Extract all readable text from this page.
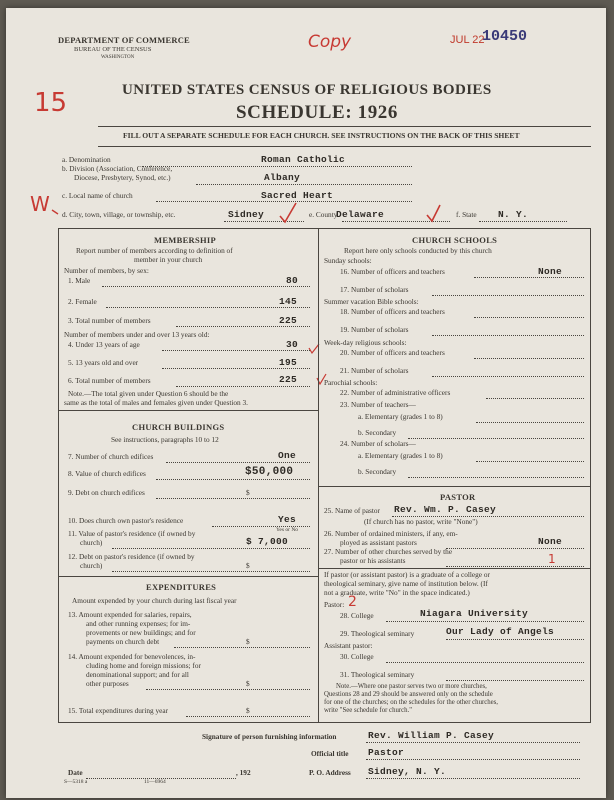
DEPARTMENT OF COMMERCE
BUREAU OF THE CENSUS
WASHINGTON
Copy	JUL 22
10450
15	UNITED STATES CENSUS OF RELIGIOUS BODIES
SCHEDULE: 1926
FILL OUT A SEPARATE SCHEDULE FOR EACH CHURCH. SEE INSTRUCTIONS ON THE BACK OF THIS SHEET
a. Denomination	Roman Catholic
b. Division (Association, Conference,
Diocese, Presbytery, Synod, etc.)	Albany
c. Local name of church	Sacred Heart
W d. City, town, village, or township, etc.	Sidney	e. County
Delaware	f. State N. Y.
MEMBERSHIP
Report number of members according to definition of
member in your church
Number of members, by sex:
1. Male	80
2. Female	145
3. Total number of members	225
Number of members under and over 13 years old:
4. Under 13 years of age	30
5. 13 years old and over	195
6. Total number of members	225
Note.—The total given under Question 6 should be the
same as the total of males and females given under Question 3.
CHURCH BUILDINGS
See instructions, paragraphs 10 to 12
7. Number of church edifices	One
8. Value of church edifices	$50,000
9. Debt on church edifices	$
10. Does church own pastor's residence	Yes
Yes or No
11. Value of pastor's residence (if owned by
church)	$ 7,000
12. Debt on pastor's residence (if owned by
church)	$
EXPENDITURES
Amount expended by your church during last fiscal year
13. Amount expended for salaries, repairs,
and other running expenses; for im-
provements or new buildings; and for
payments on church debt	$
14. Amount expended for benevolences, in-
cluding home and foreign missions; for
denominational support; and for all
other purposes	$
15. Total expenditures during year	$
CHURCH SCHOOLS
Report here only schools conducted by this church
Sunday schools:
16. Number of officers and teachers	None
17. Number of scholars
Summer vacation Bible schools:
18. Number of officers and teachers
19. Number of scholars
Week-day religious schools:
20. Number of officers and teachers
21. Number of scholars
Parochial schools:
22. Number of administrative officers
23. Number of teachers—
a. Elementary (grades 1 to 8)
b. Secondary
24. Number of scholars—
a. Elementary (grades 1 to 8)
b. Secondary
PASTOR
25. Name of pastor Rev. Wm. P. Casey
(If church has no pastor, write "None")
26. Number of ordained ministers, if any, em-
ployed as assistant pastors	None
27. Number of other churches served by the
pastor or his assistants	1
If pastor (or assistant pastor) is a graduate of a college or
theological seminary, give name of institution below. (If
not a graduate, write "No" in the space indicated.)
Pastor: 2
28. College	Niagara University
29. Theological seminary	Our Lady of Angels
Assistant pastor:
30. College
31. Theological seminary
Note.—Where one pastor serves two or more churches,
Questions 28 and 29 should be answered only on the schedule
for one of the churches; on the schedules for the other churches,
write "See schedule for church."
Signature of person furnishing information	Rev. William P. Casey
Official title Pastor
Date	, 192	P. O. Address Sidney, N. Y.
S—5318 a	11—6964
